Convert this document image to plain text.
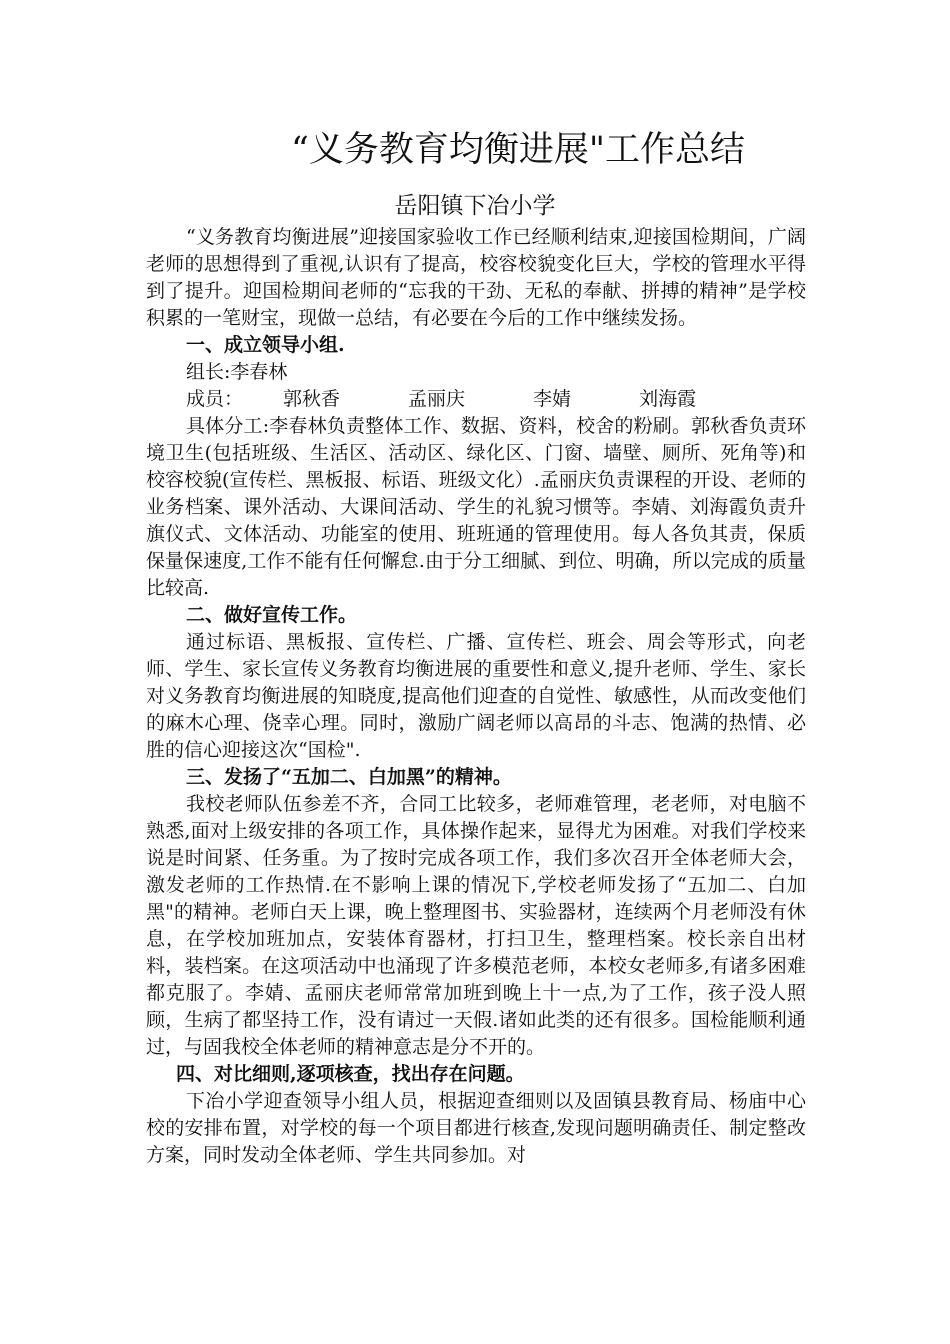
“义务教育均衡进展"工作总结
岳阳镇下冶小学

“义务教育均衡进展”迎接国家验收工作已经顺利结束,迎接国检期间，广阔老师的思想得到了重视,认识有了提高，校容校貌变化巨大，学校的管理水平得到了提升。迎国检期间老师的“忘我的干劲、无私的奉献、拼搏的精神”是学校积累的一笔财宝，现做一总结，有必要在今后的工作中继续发扬。

一、成立领导小组.

组长:李春林

成员： 郭秋香	孟丽庆	李婧	刘海霞

具体分工:李春林负责整体工作、数据、资料，校舍的粉刷。郭秋香负责环境卫生(包括班级、生活区、活动区、绿化区、门窗、墙壁、厕所、死角等)和校容校貌(宣传栏、黑板报、标语、班级文化）.孟丽庆负责课程的开设、老师的业务档案、课外活动、大课间活动、学生的礼貌习惯等。李婧、刘海霞负责升旗仪式、文体活动、功能室的使用、班班通的管理使用。每人各负其责，保质保量保速度,工作不能有任何懈怠.由于分工细腻、到位、明确，所以完成的质量比较高.

二、做好宣传工作。

通过标语、黑板报、宣传栏、广播、宣传栏、班会、周会等形式，向老师、学生、家长宣传义务教育均衡进展的重要性和意义,提升老师、学生、家长对义务教育均衡进展的知晓度,提高他们迎查的自觉性、敏感性，从而改变他们的麻木心理、侥幸心理。同时，激励广阔老师以高昂的斗志、饱满的热情、必胜的信心迎接这次“国检".

三、发扬了“五加二、白加黑”的精神。

我校老师队伍参差不齐，合同工比较多，老师难管理，老老师，对电脑不熟悉,面对上级安排的各项工作，具体操作起来，显得尤为困难。对我们学校来说是时间紧、任务重。为了按时完成各项工作，我们多次召开全体老师大会，激发老师的工作热情.在不影响上课的情况下,学校老师发扬了“五加二、白加黑"的精神。老师白天上课，晚上整理图书、实验器材，连续两个月老师没有休息，在学校加班加点，安装体育器材，打扫卫生，整理档案。校长亲自出材料，装档案。在这项活动中也涌现了许多模范老师，本校女老师多,有诸多困难都克服了。李婧、孟丽庆老师常常加班到晚上十一点,为了工作，孩子没人照顾，生病了都坚持工作，没有请过一天假.诸如此类的还有很多。国检能顺利通过，与固我校全体老师的精神意志是分不开的。

四、对比细则,逐项核查，找出存在问题。

下冶小学迎查领导小组人员，根据迎查细则以及固镇县教育局、杨庙中心校的安排布置，对学校的每一个项目都进行核查,发现问题明确责任、制定整改方案，同时发动全体老师、学生共同参加。对
